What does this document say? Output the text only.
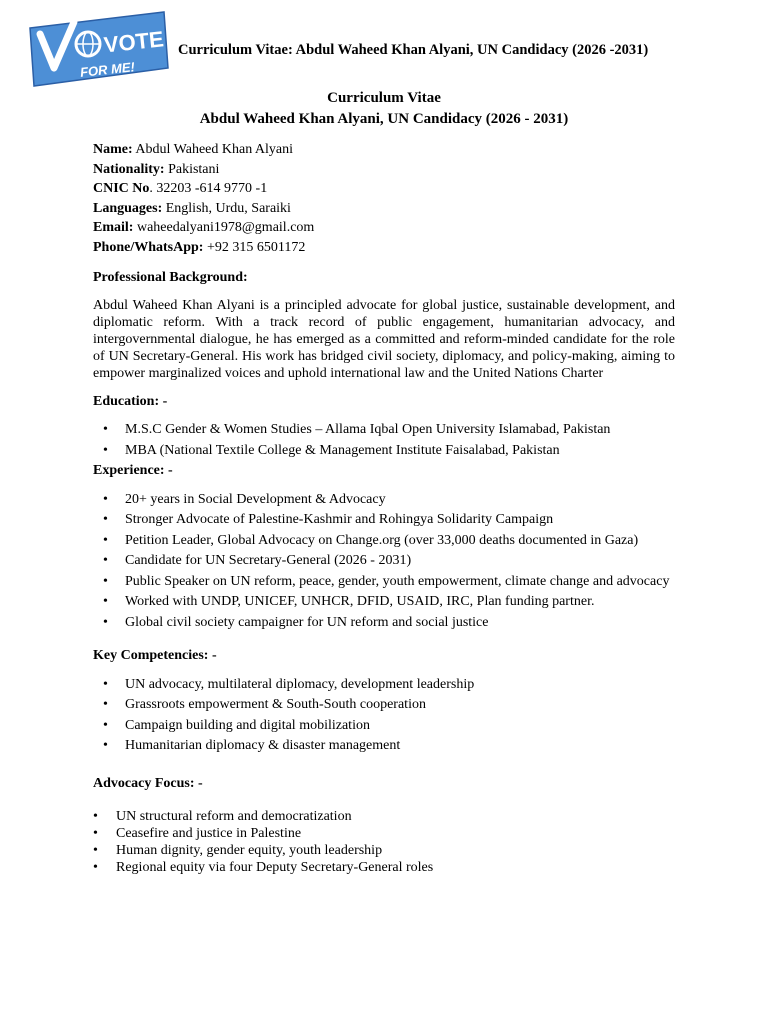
VOTE
FOR ME!
Curriculum Vitae: Abdul Waheed Khan Alyani, UN Candidacy (2026 -2031)
Curriculum Vitae
Abdul Waheed Khan Alyani, UN Candidacy (2026 - 2031)
Name: Abdul Waheed Khan Alyani
Nationality: Pakistani
CNIC No. 32203 -614 9770 -1
Languages: English, Urdu, Saraiki
Email: waheedalyani1978@gmail.com
Phone/WhatsApp: +92 315 6501172
Professional Background:
Abdul Waheed Khan Alyani is a principled advocate for global justice, sustainable development, and diplomatic reform. With a track record of public engagement, humanitarian advocacy, and intergovernmental dialogue, he has emerged as a committed and reform-minded candidate for the role of UN Secretary-General. His work has bridged civil society, diplomacy, and policy-making, aiming to empower marginalized voices and uphold international law and the United Nations Charter
Education: -
• M.S.C Gender & Women Studies – Allama Iqbal Open University Islamabad, Pakistan
• MBA (National Textile College & Management Institute Faisalabad, Pakistan
Experience: -
• 20+ years in Social Development & Advocacy
• Stronger Advocate of Palestine-Kashmir and Rohingya Solidarity Campaign
• Petition Leader, Global Advocacy on Change.org (over 33,000 deaths documented in Gaza)
• Candidate for UN Secretary-General (2026 - 2031)
• Public Speaker on UN reform, peace, gender, youth empowerment, climate change and advocacy
• Worked with UNDP, UNICEF, UNHCR, DFID, USAID, IRC, Plan funding partner.
• Global civil society campaigner for UN reform and social justice
Key Competencies: -
• UN advocacy, multilateral diplomacy, development leadership
• Grassroots empowerment & South-South cooperation
• Campaign building and digital mobilization
• Humanitarian diplomacy & disaster management
Advocacy Focus: -
• UN structural reform and democratization
• Ceasefire and justice in Palestine
• Human dignity, gender equity, youth leadership
• Regional equity via four Deputy Secretary-General roles
